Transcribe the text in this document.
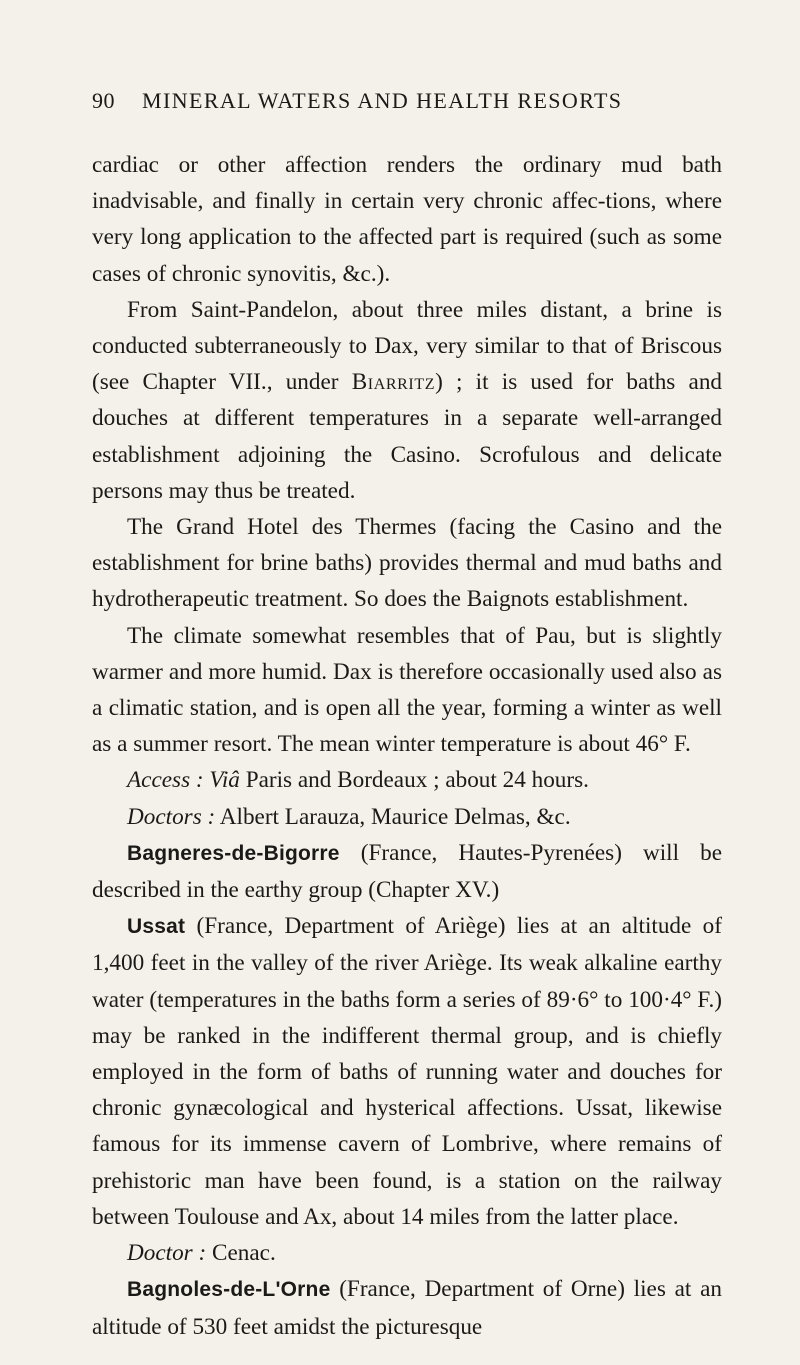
90 MINERAL WATERS AND HEALTH RESORTS

cardiac or other affection renders the ordinary mud bath inadvisable, and finally in certain very chronic affec-tions, where very long application to the affected part is required (such as some cases of chronic synovitis, &c.).

From Saint-Pandelon, about three miles distant, a brine is conducted subterraneously to Dax, very similar to that of Briscous (see Chapter VII., under Biarritz) ; it is used for baths and douches at different temperatures in a separate well-arranged establishment adjoining the Casino. Scrofulous and delicate persons may thus be treated.

The Grand Hotel des Thermes (facing the Casino and the establishment for brine baths) provides thermal and mud baths and hydrotherapeutic treatment. So does the Baignots establishment.

The climate somewhat resembles that of Pau, but is slightly warmer and more humid. Dax is therefore occasionally used also as a climatic station, and is open all the year, forming a winter as well as a summer resort. The mean winter temperature is about 46° F.

Access : Viâ Paris and Bordeaux ; about 24 hours.

Doctors : Albert Larauza, Maurice Delmas, &c.

Bagneres-de-Bigorre (France, Hautes-Pyrenées) will be described in the earthy group (Chapter XV.)

Ussat (France, Department of Ariège) lies at an altitude of 1,400 feet in the valley of the river Ariège. Its weak alkaline earthy water (temperatures in the baths form a series of 89·6° to 100·4° F.) may be ranked in the indifferent thermal group, and is chiefly employed in the form of baths of running water and douches for chronic gynæcological and hysterical affections. Ussat, likewise famous for its immense cavern of Lombrive, where remains of prehistoric man have been found, is a station on the railway between Toulouse and Ax, about 14 miles from the latter place.

Doctor : Cenac.

Bagnoles-de-L'Orne (France, Department of Orne) lies at an altitude of 530 feet amidst the picturesque
